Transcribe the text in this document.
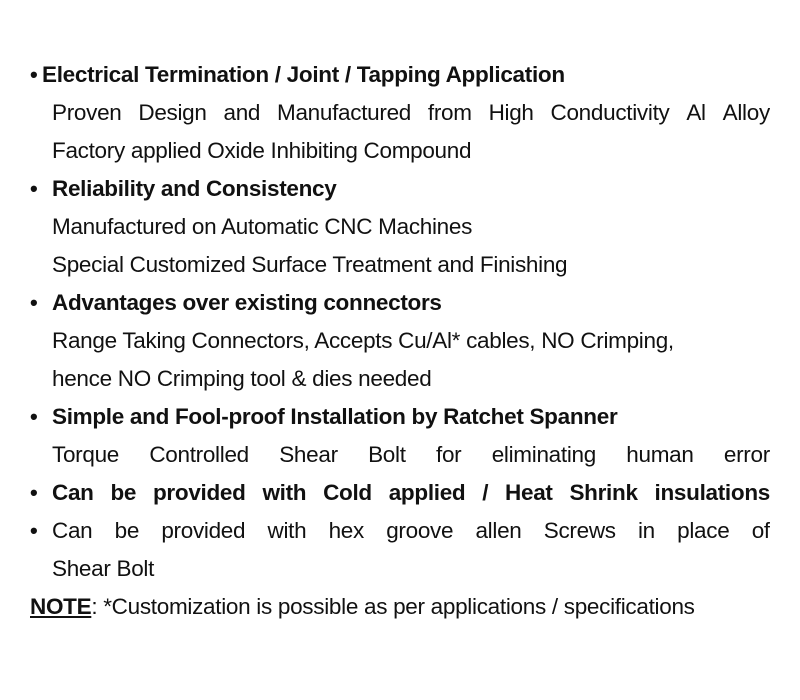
• Electrical Termination / Joint / Tapping Application
Proven Design and Manufactured from High Conductivity Al Alloy
Factory applied Oxide Inhibiting Compound
• Reliability and Consistency
Manufactured on Automatic CNC Machines
Special Customized Surface Treatment and Finishing
• Advantages over existing connectors
Range Taking Connectors, Accepts Cu/Al* cables, NO Crimping,
hence NO Crimping tool & dies needed
• Simple and Fool-proof Installation by Ratchet Spanner
Torque Controlled Shear Bolt for eliminating human error
• Can be provided with Cold applied / Heat Shrink insulations
• Can be provided with hex groove allen Screws in place of
Shear Bolt
NOTE: *Customization is possible as per applications / specifications
